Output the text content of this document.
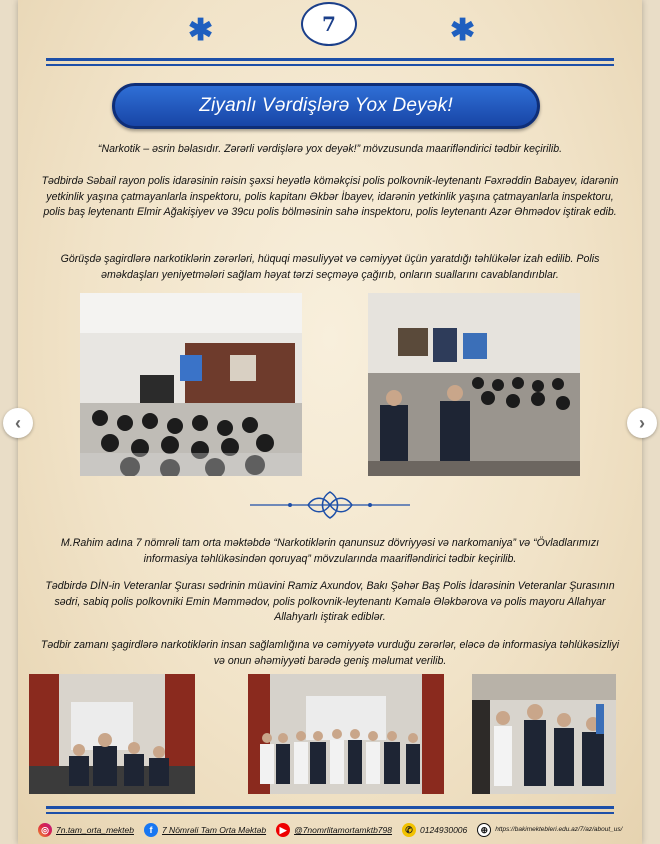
✱	✱
7
Ziyanlı Vərdişlərə Yox Deyək!

“Narkotik – əsrin bəlasıdır. Zərərli vərdişlərə yox deyək!” mövzusunda maarifləndirici tədbir keçirilib.

Tədbirdə Səbail rayon polis idarəsinin rəisin şəxsi heyətlə köməkçisi polis polkovnik-leytenantı Fəxrəddin Babayev, idarənin yetkinlik yaşına çatmayanlarla inspektoru, polis kapitanı Əkbər İbayev, idarənin yetkinlik yaşına çatmayanlarla inspektoru, polis baş leytenantı Elmir Ağakişiyev və 39cu polis bölməsinin sahə inspektoru, polis leytenantı Azər Əhmədov iştirak edib.

Görüşdə şagirdlərə narkotiklərin zərərləri, hüquqi məsuliyyət və cəmiyyət üçün yaratdığı təhlükələr izah edilib. Polis əməkdaşları yeniyetmələri sağlam həyat tərzi seçməyə çağırıb, onların suallarını cavablandırıblar.

M.Rahim adına 7 nömrəli tam orta məktəbdə “Narkotiklərin qanunsuz dövriyyəsi və narkomaniya” və “Övladlarımızı informasiya təhlükəsindən qoruyaq” mövzularında maarifləndirici tədbir keçirilib.

Tədbirdə DİN-in Veteranlar Şurası sədrinin müavini Ramiz Axundov, Bakı Şəhər Baş Polis İdarəsinin Veteranlar Şurasının sədri, sabiq polis polkovniki Emin Məmmədov, polis polkovnik-leytenantı Kəmalə Ələkbərova və polis mayoru Allahyar Allahyarlı iştirak ediblər.

Tədbir zamanı şagirdlərə narkotiklərin insan sağlamlığına və cəmiyyətə vurduğu zərərlər, eləcə də informasiya təhlükəsizliyi və onun əhəmiyyəti barədə geniş məlumat verilib.

◎ 7n.tam_orta_mekteb	f	7 Nömrəli Tam Orta Məktəb	▶ @7nomrlitamortamktb798	✆ 0124930006	⊕	https://bakimektebleri.edu.az/7/az/about_us/
‹	›
